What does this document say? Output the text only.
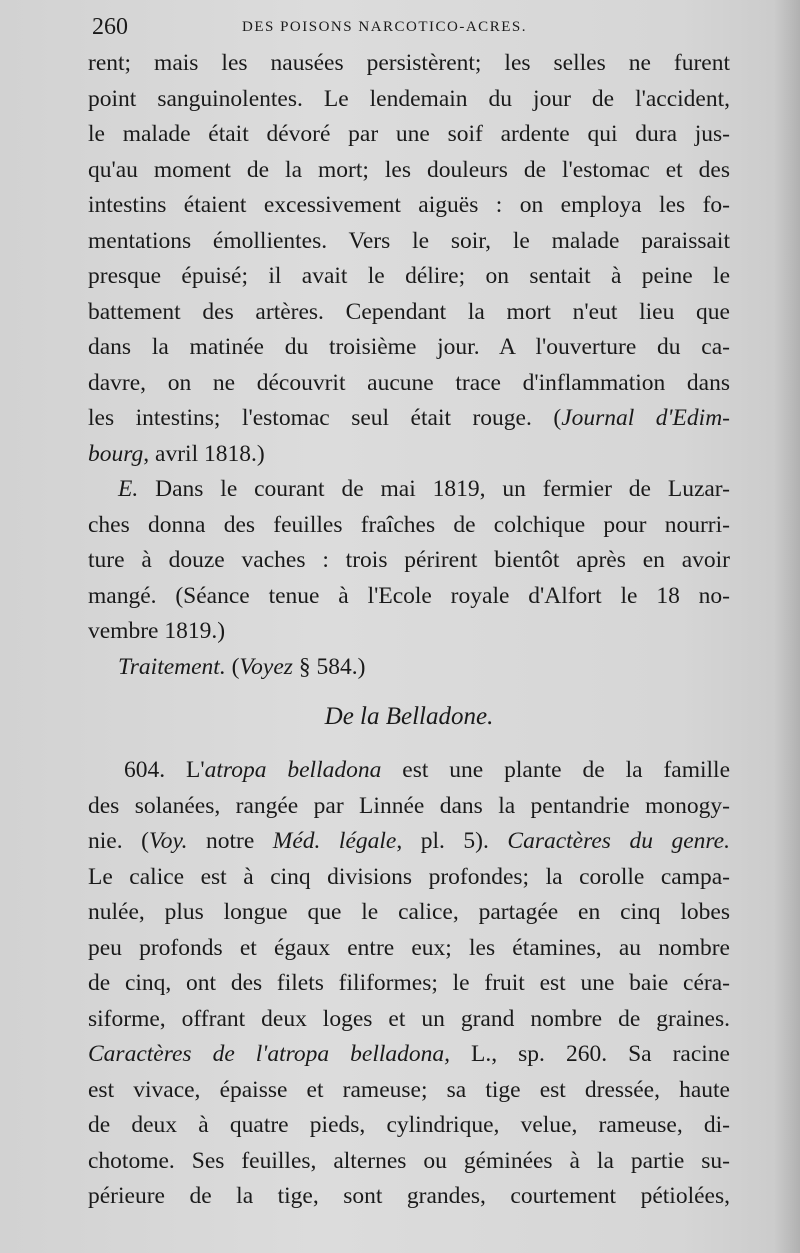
260	DES POISONS NARCOTICO-ACRES.
rent; mais les nausées persistèrent; les selles ne furent
point sanguinolentes. Le lendemain du jour de l'accident,
le malade était dévoré par une soif ardente qui dura jus-
qu'au moment de la mort; les douleurs de l'estomac et des
intestins étaient excessivement aiguës : on employa les fo-
mentations émollientes. Vers le soir, le malade paraissait
presque épuisé; il avait le délire; on sentait à peine le
battement des artères. Cependant la mort n'eut lieu que
dans la matinée du troisième jour. A l'ouverture du ca-
davre, on ne découvrit aucune trace d'inflammation dans
les intestins; l'estomac seul était rouge. (Journal d'Edim-
bourg, avril 1818.)
E. Dans le courant de mai 1819, un fermier de Luzar-
ches donna des feuilles fraîches de colchique pour nourri-
ture à douze vaches : trois périrent bientôt après en avoir
mangé. (Séance tenue à l'Ecole royale d'Alfort le 18 no-
vembre 1819.)
Traitement. (Voyez § 584.)
De la Belladone.
604. L'atropa belladona est une plante de la famille
des solanées, rangée par Linnée dans la pentandrie monogy-
nie. (Voy. notre Méd. légale, pl. 5). Caractères du genre.
Le calice est à cinq divisions profondes; la corolle campa-
nulée, plus longue que le calice, partagée en cinq lobes
peu profonds et égaux entre eux; les étamines, au nombre
de cinq, ont des filets filiformes; le fruit est une baie céra-
siforme, offrant deux loges et un grand nombre de graines.
Caractères de l'atropa belladona, L., sp. 260. Sa racine
est vivace, épaisse et rameuse; sa tige est dressée, haute
de deux à quatre pieds, cylindrique, velue, rameuse, di-
chotome. Ses feuilles, alternes ou géminées à la partie su-
périeure de la tige, sont grandes, courtement pétiolées,
